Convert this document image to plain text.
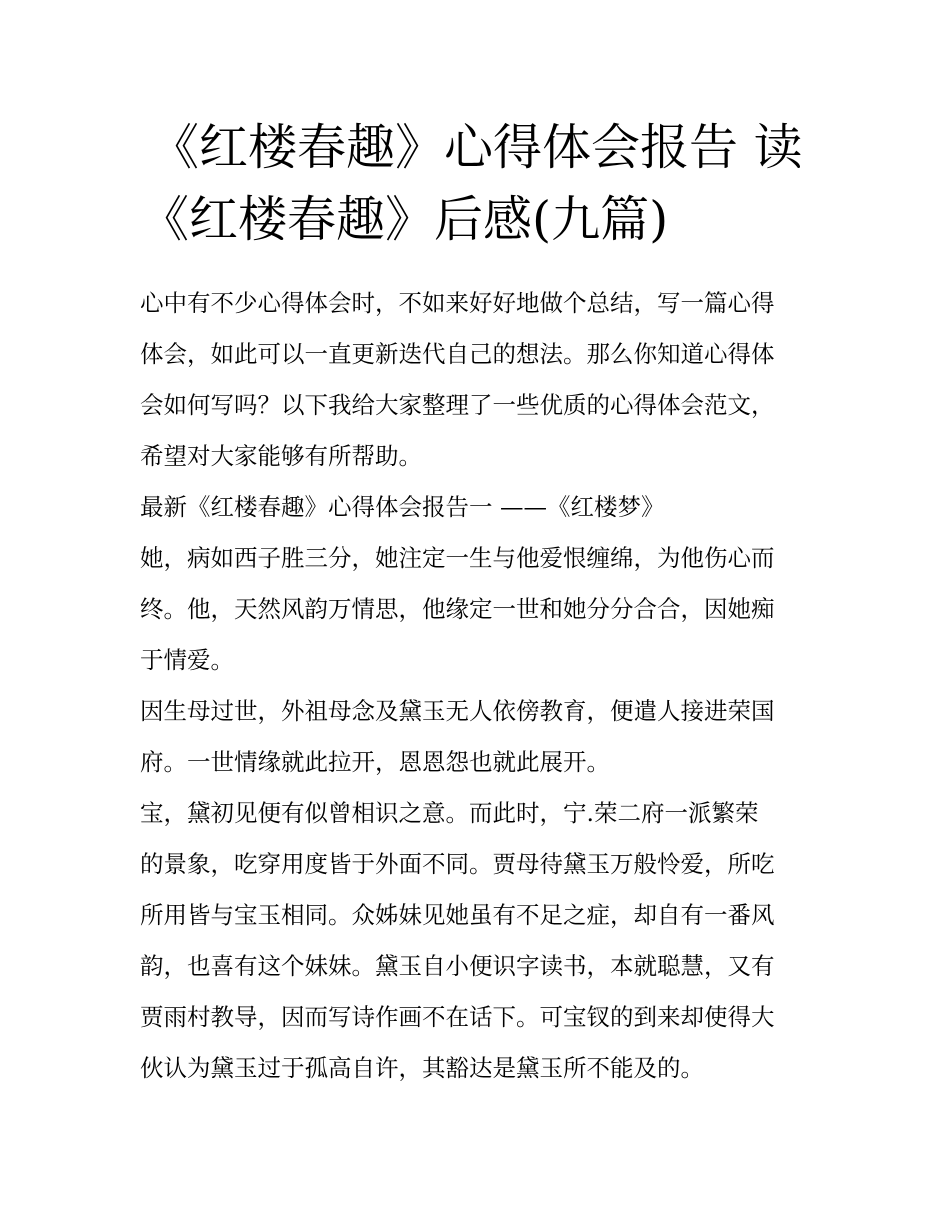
《红楼春趣》心得体会报告 读
《红楼春趣》后感(九篇)
心中有不少心得体会时，不如来好好地做个总结，写一篇心得
体会，如此可以一直更新迭代自己的想法。那么你知道心得体
会如何写吗？以下我给大家整理了一些优质的心得体会范文，
希望对大家能够有所帮助。
最新《红楼春趣》心得体会报告一 ——《红楼梦》
她，病如西子胜三分，她注定一生与他爱恨缠绵，为他伤心而
终。他，天然风韵万情思，他缘定一世和她分分合合，因她痴
于情爱。
因生母过世，外祖母念及黛玉无人依傍教育，便遣人接进荣国
府。一世情缘就此拉开，恩恩怨也就此展开。
宝，黛初见便有似曾相识之意。而此时，宁.荣二府一派繁荣
的景象，吃穿用度皆于外面不同。贾母待黛玉万般怜爱，所吃
所用皆与宝玉相同。众姊妹见她虽有不足之症，却自有一番风
韵，也喜有这个妹妹。黛玉自小便识字读书，本就聪慧，又有
贾雨村教导，因而写诗作画不在话下。可宝钗的到来却使得大
伙认为黛玉过于孤高自许，其豁达是黛玉所不能及的。
